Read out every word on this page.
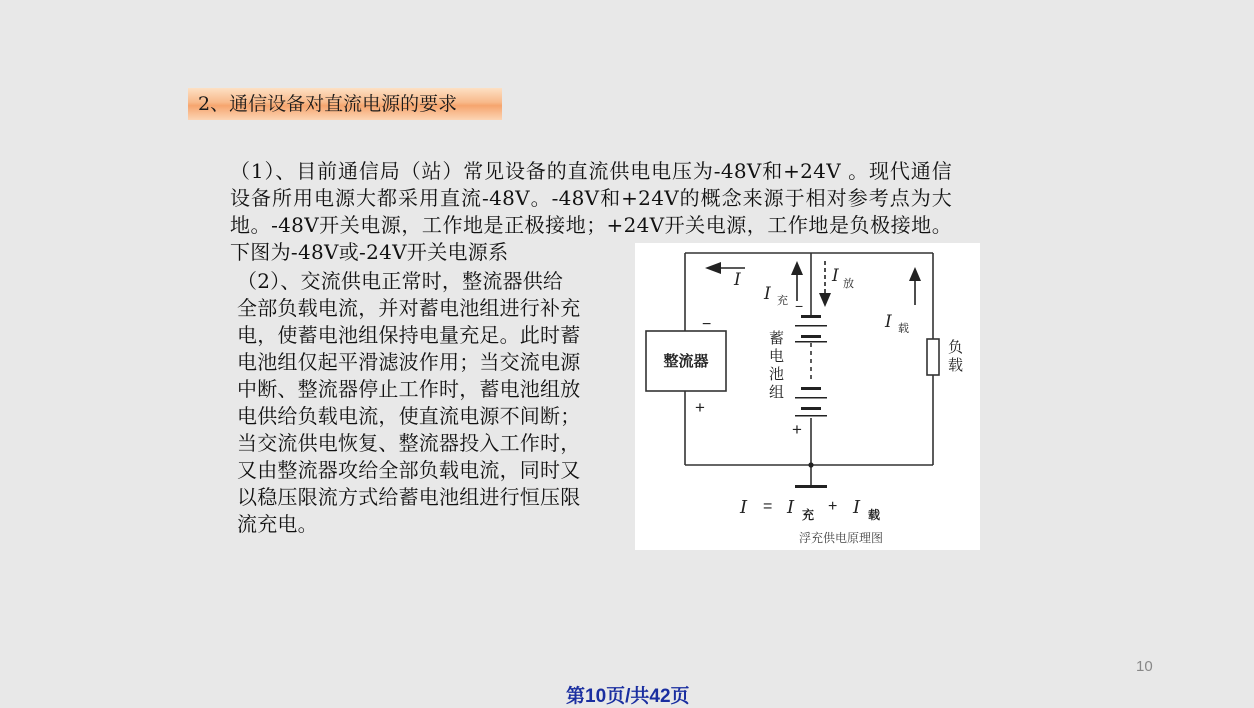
2、通信设备对直流电源的要求

（1）、目前通信局（站）常见设备的直流供电电压为-48V和+24V 。现代通信设备所用电源大都采用直流-48V。-48V和+24V的概念来源于相对参考点为大地。-48V开关电源，工作地是正极接地；+24V开关电源，工作地是负极接地。下图为-48V或-24V开关电源系

（2）、交流供电正常时，整流器供给全部负载电流，并对蓄电池组进行补充电，使蓄电池组保持电量充足。此时蓄电池组仅起平滑滤波作用；当交流电源中断、整流器停止工作时，蓄电池组放电供给负载电流，使直流电源不间断；当交流供电恢复、整流器投入工作时，又由整流器攻给全部负载电流，同时又以稳压限流方式给蓄电池组进行恒压限流充电。

整流器
−
+
负
载
蓄
电
池
组
−
+
I
I
I
I
充
放
载
I I	I
=	+
充	载
浮充供电原理图
10
第10页/共42页
